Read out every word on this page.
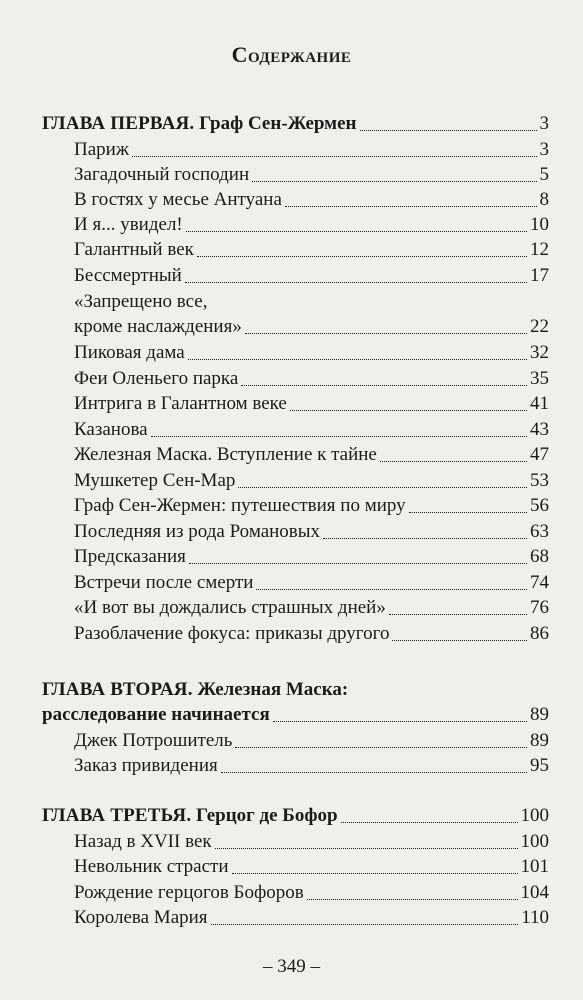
Содержание
ГЛАВА ПЕРВАЯ. Граф Сен-Жермен	3
Париж	3
Загадочный господин	5
В гостях у месье Антуана	8
И я... увидел!	10
Галантный век	12
Бессмертный	17
«Запрещено все,
кроме наслаждения»	22
Пиковая дама	32
Феи Оленьего парка	35
Интрига в Галантном веке	41
Казанова	43
Железная Маска. Вступление к тайне	47
Мушкетер Сен-Мар	53
Граф Сен-Жермен: путешествия по миру	56
Последняя из рода Романовых	63
Предсказания	68
Встречи после смерти	74
«И вот вы дождались страшных дней»	76
Разоблачение фокуса: приказы другого	86
ГЛАВА ВТОРАЯ. Железная Маска:
расследование начинается	89
Джек Потрошитель	89
Заказ привидения	95
ГЛАВА ТРЕТЬЯ. Герцог де Бофор	100
Назад в XVII век	100
Невольник страсти	101
Рождение герцогов Бофоров	104
Королева Мария	110
– 349 –
